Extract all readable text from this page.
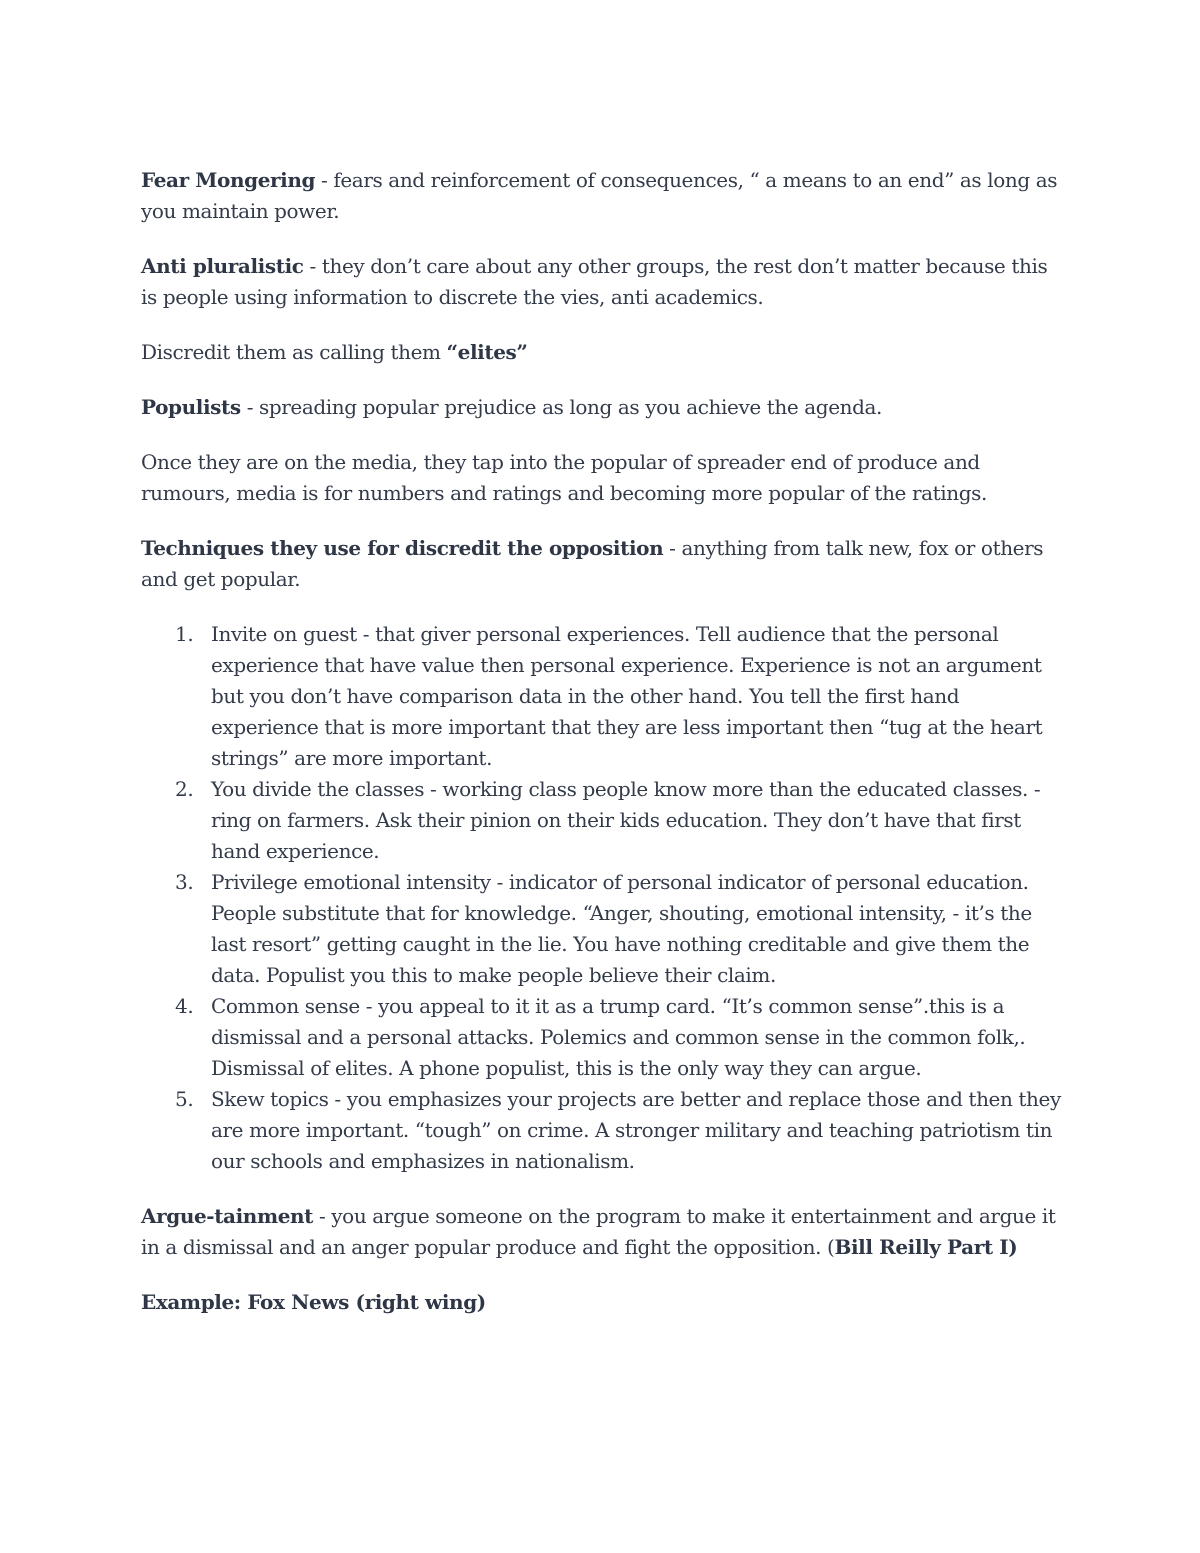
Fear Mongering - fears and reinforcement of consequences, “ a means to an end” as long as you maintain power.

Anti pluralistic - they don’t care about any other groups, the rest don’t matter because this is people using information to discrete the vies, anti academics.

Discredit them as calling them “elites”

Populists - spreading popular prejudice as long as you achieve the agenda.

Once they are on the media, they tap into the popular of spreader end of produce and rumours, media is for numbers and ratings and becoming more popular of the ratings.

Techniques they use for discredit the opposition - anything from talk new, fox or others and get popular.

1. Invite on guest - that giver personal experiences. Tell audience that the personal experience that have value then personal experience. Experience is not an argument but you don’t have comparison data in the other hand. You tell the first hand experience that is more important that they are less important then “tug at the heart strings” are more important.
2. You divide the classes - working class people know more than the educated classes. - ring on farmers. Ask their pinion on their kids education. They don’t have that first hand experience.
3. Privilege emotional intensity - indicator of personal indicator of personal education. People substitute that for knowledge. “Anger, shouting, emotional intensity, - it’s the last resort” getting caught in the lie. You have nothing creditable and give them the data. Populist you this to make people believe their claim.
4. Common sense - you appeal to it it as a trump card. “It’s common sense”.this is a dismissal and a personal attacks. Polemics and common sense in the common folk,. Dismissal of elites. A phone populist, this is the only way they can argue.
5. Skew topics - you emphasizes your projects are better and replace those and then they are more important. “tough” on crime. A stronger military and teaching patriotism tin our schools and emphasizes in nationalism.

Argue-tainment - you argue someone on the program to make it entertainment and argue it in a dismissal and an anger popular produce and fight the opposition. (Bill Reilly Part I)

Example: Fox News (right wing)
